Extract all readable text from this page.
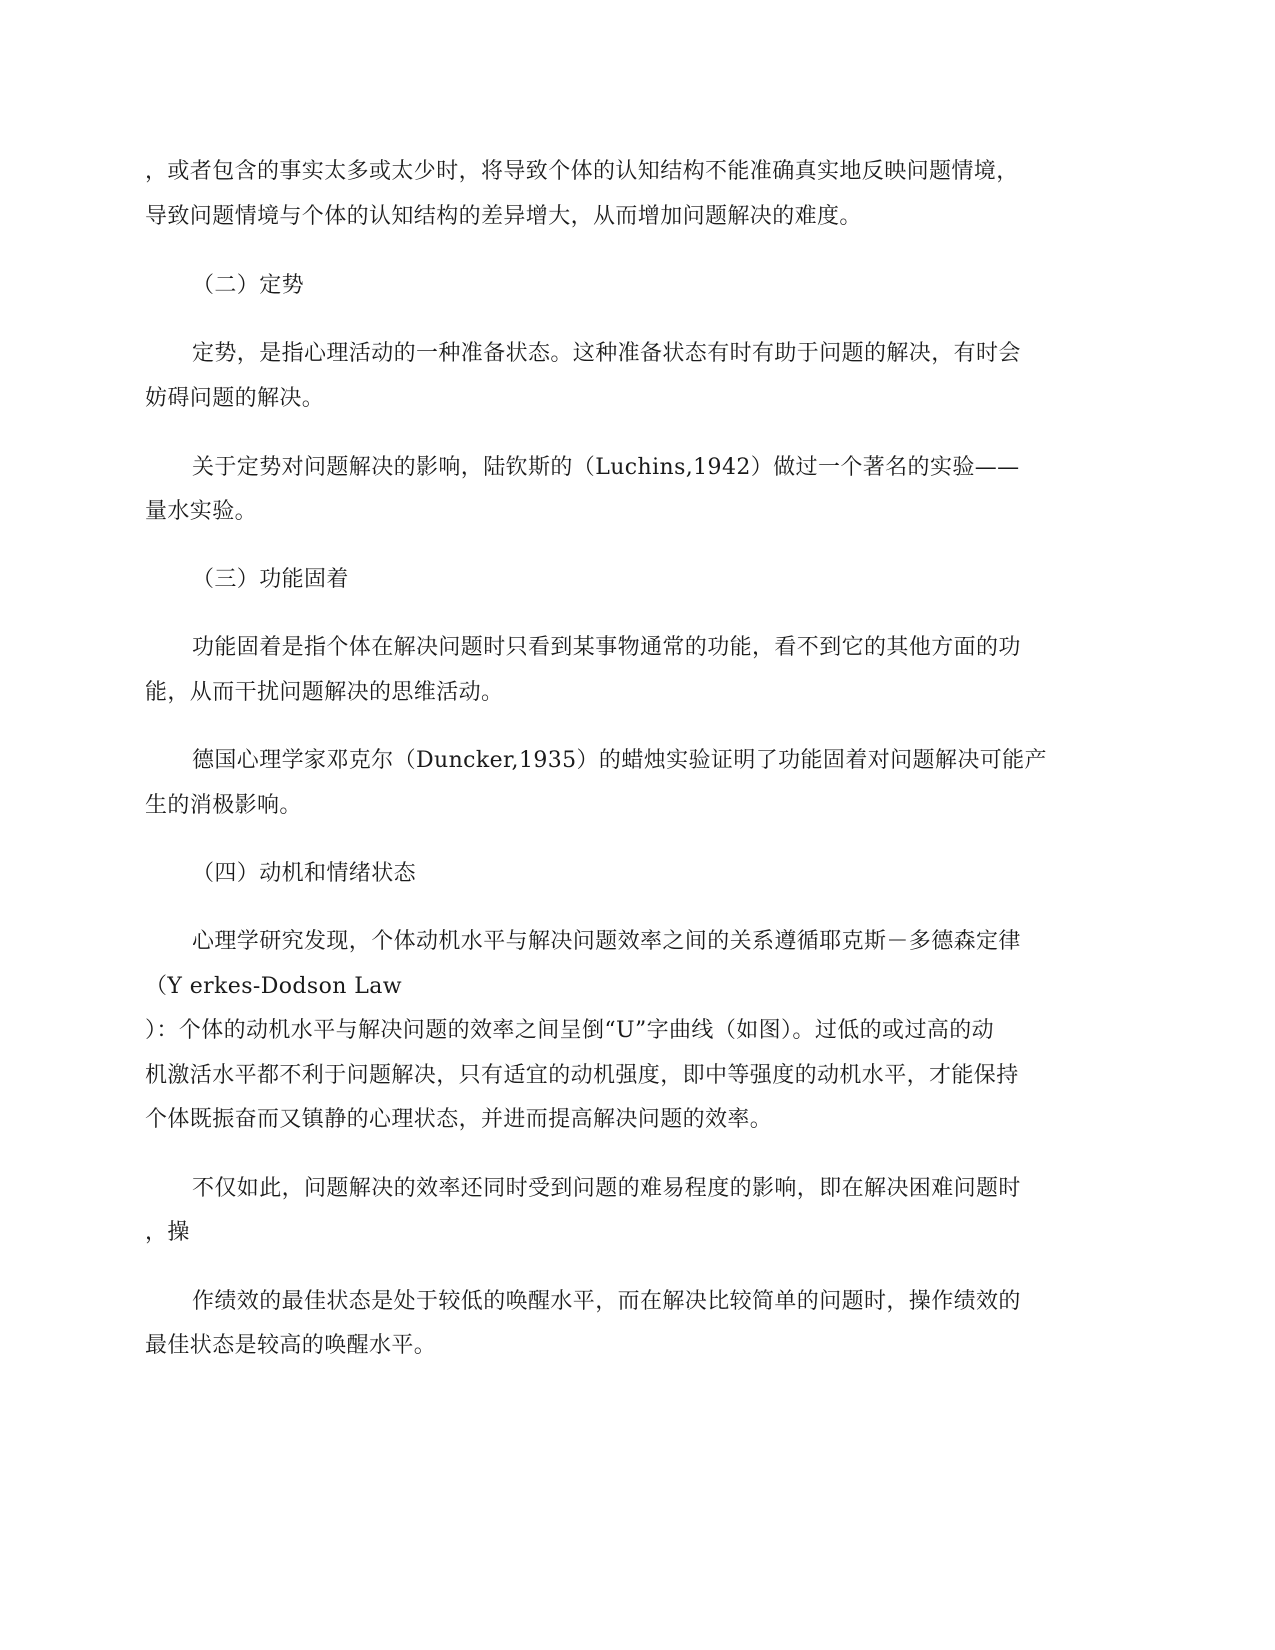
，或者包含的事实太多或太少时，将导致个体的认知结构不能准确真实地反映问题情境，

导致问题情境与个体的认知结构的差异增大，从而增加问题解决的难度。

（二）定势

定势，是指心理活动的一种准备状态。这种准备状态有时有助于问题的解决，有时会

妨碍问题的解决。

关于定势对问题解决的影响，陆钦斯的（Luchins,1942）做过一个著名的实验——

量水实验。

（三）功能固着

功能固着是指个体在解决问题时只看到某事物通常的功能，看不到它的其他方面的功

能，从而干扰问题解决的思维活动。

德国心理学家邓克尔（Duncker,1935）的蜡烛实验证明了功能固着对问题解决可能产

生的消极影响。

（四）动机和情绪状态

心理学研究发现，个体动机水平与解决问题效率之间的关系遵循耶克斯－多德森定律

（Y erkes-Dodson Law

）：个体的动机水平与解决问题的效率之间呈倒“U”字曲线（如图）。过低的或过高的动

机激活水平都不利于问题解决，只有适宜的动机强度，即中等强度的动机水平，才能保持

个体既振奋而又镇静的心理状态，并进而提高解决问题的效率。

不仅如此，问题解决的效率还同时受到问题的难易程度的影响，即在解决困难问题时

，操

作绩效的最佳状态是处于较低的唤醒水平，而在解决比较简单的问题时，操作绩效的

最佳状态是较高的唤醒水平。
